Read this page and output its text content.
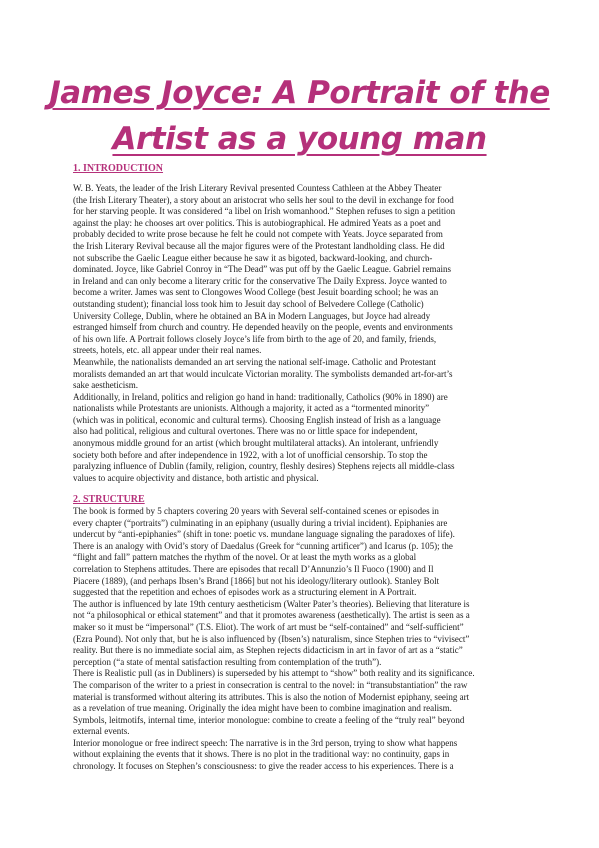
James Joyce: A Portrait of the
Artist as a young man
1. INTRODUCTION

W. B. Yeats, the leader of the Irish Literary Revival presented Countess Cathleen at the Abbey Theater
(the Irish Literary Theater), a story about an aristocrat who sells her soul to the devil in exchange for food
for her starving people. It was considered “a libel on Irish womanhood.” Stephen refuses to sign a petition
against the play: he chooses art over politics. This is autobiographical. He admired Yeats as a poet and
probably decided to write prose because he felt he could not compete with Yeats. Joyce separated from
the Irish Literary Revival because all the major figures were of the Protestant landholding class. He did
not subscribe the Gaelic League either because he saw it as bigoted, backward-looking, and church-
dominated. Joyce, like Gabriel Conroy in “The Dead” was put off by the Gaelic League. Gabriel remains
in Ireland and can only become a literary critic for the conservative The Daily Express. Joyce wanted to
become a writer. James was sent to Clongowes Wood College (best Jesuit boarding school; he was an
outstanding student); financial loss took him to Jesuit day school of Belvedere College (Catholic)
University College, Dublin, where he obtained an BA in Modern Languages, but Joyce had already
estranged himself from church and country. He depended heavily on the people, events and environments
of his own life. A Portrait follows closely Joyce’s life from birth to the age of 20, and family, friends,
streets, hotels, etc. all appear under their real names.
Meanwhile, the nationalists demanded an art serving the national self-image. Catholic and Protestant
moralists demanded an art that would inculcate Victorian morality. The symbolists demanded art-for-art’s
sake aestheticism.
Additionally, in Ireland, politics and religion go hand in hand: traditionally, Catholics (90% in 1890) are
nationalists while Protestants are unionists. Although a majority, it acted as a “tormented minority”
(which was in political, economic and cultural terms). Choosing English instead of Irish as a language
also had political, religious and cultural overtones. There was no or little space for independent,
anonymous middle ground for an artist (which brought multilateral attacks). An intolerant, unfriendly
society both before and after independence in 1922, with a lot of unofficial censorship. To stop the
paralyzing influence of Dublin (family, religion, country, fleshly desires) Stephens rejects all middle-class
values to acquire objectivity and distance, both artistic and physical.

2. STRUCTURE

The book is formed by 5 chapters covering 20 years with Several self-contained scenes or episodes in
every chapter (“portraits”) culminating in an epiphany (usually during a trivial incident). Epiphanies are
undercut by “anti-epiphanies” (shift in tone: poetic vs. mundane language signaling the paradoxes of life).
There is an analogy with Ovid’s story of Daedalus (Greek for “cunning artificer”) and Icarus (p. 105); the
“flight and fall” pattern matches the rhythm of the novel. Or at least the myth works as a global
correlation to Stephens attitudes. There are episodes that recall D’Annunzio’s Il Fuoco (1900) and Il
Piacere (1889), (and perhaps Ibsen’s Brand [1866] but not his ideology/literary outlook). Stanley Bolt
suggested that the repetition and echoes of episodes work as a structuring element in A Portrait.
The author is influenced by late 19th century aestheticism (Walter Pater’s theories). Believing that literature is
not “a philosophical or ethical statement” and that it promotes awareness (aesthetically). The artist is seen as a
maker so it must be “impersonal” (T.S. Eliot). The work of art must be “self-contained” and “self-sufficient”
(Ezra Pound). Not only that, but he is also influenced by (Ibsen’s) naturalism, since Stephen tries to “vivisect”
reality. But there is no immediate social aim, as Stephen rejects didacticism in art in favor of art as a “static”
perception (“a state of mental satisfaction resulting from contemplation of the truth”).
There is Realistic pull (as in Dubliners) is superseded by his attempt to “show” both reality and its significance.
The comparison of the writer to a priest in consecration is central to the novel: in “transubstantiation” the raw
material is transformed without altering its attributes. This is also the notion of Modernist epiphany, seeing art
as a revelation of true meaning. Originally the idea might have been to combine imagination and realism.
Symbols, leitmotifs, internal time, interior monologue: combine to create a feeling of the “truly real” beyond
external events.
Interior monologue or free indirect speech: The narrative is in the 3rd person, trying to show what happens
without explaining the events that it shows. There is no plot in the traditional way: no continuity, gaps in
chronology. It focuses on Stephen’s consciousness: to give the reader access to his experiences. There is a
